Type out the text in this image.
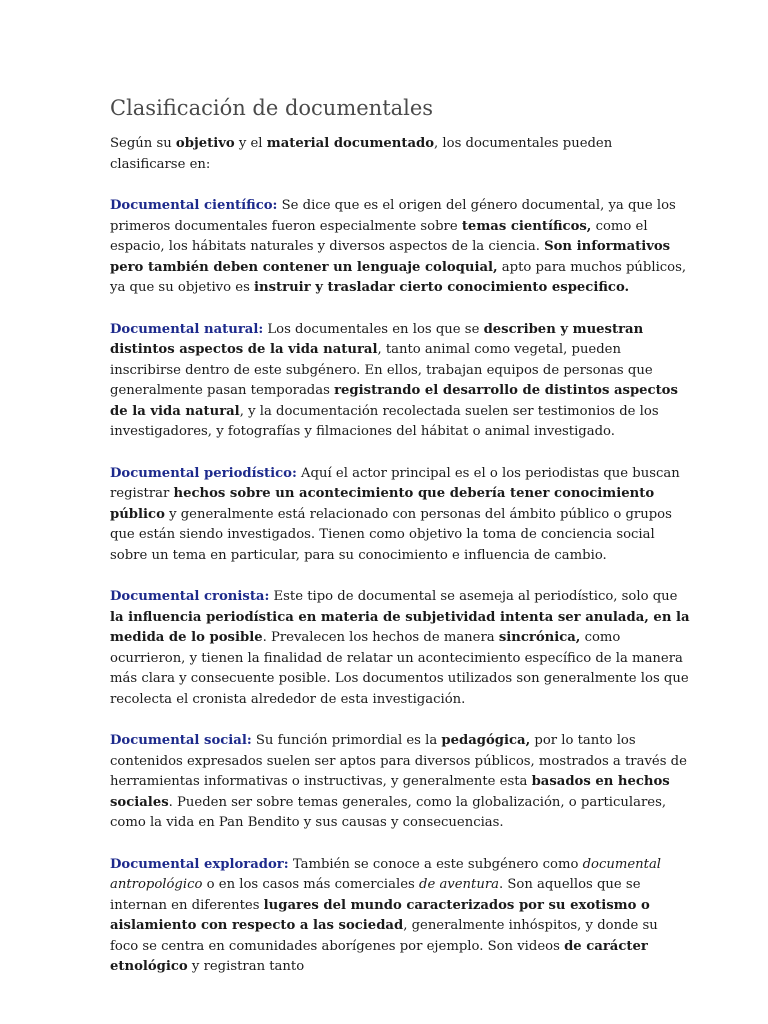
Clasificación de documentales

Según su objetivo y el material documentado, los documentales pueden clasificarse en:

Documental científico: Se dice que es el origen del género documental, ya que los primeros documentales fueron especialmente sobre temas científicos, como el espacio, los hábitats naturales y diversos aspectos de la ciencia. Son informativos pero también deben contener un lenguaje coloquial, apto para muchos públicos, ya que su objetivo es instruir y trasladar cierto conocimiento especifico.

Documental natural: Los documentales en los que se describen y muestran distintos aspectos de la vida natural, tanto animal como vegetal, pueden inscribirse dentro de este subgénero. En ellos, trabajan equipos de personas que generalmente pasan temporadas registrando el desarrollo de distintos aspectos de la vida natural, y la documentación recolectada suelen ser testimonios de los investigadores, y fotografías y filmaciones del hábitat o animal investigado.

Documental periodístico: Aquí el actor principal es el o los periodistas que buscan registrar hechos sobre un acontecimiento que debería tener conocimiento público y generalmente está relacionado con personas del ámbito público o grupos que están siendo investigados. Tienen como objetivo la toma de conciencia social sobre un tema en particular, para su conocimiento e influencia de cambio.

Documental cronista: Este tipo de documental se asemeja al periodístico, solo que la influencia periodística en materia de subjetividad intenta ser anulada, en la medida de lo posible. Prevalecen los hechos de manera sincrónica, como ocurrieron, y tienen la finalidad de relatar un acontecimiento específico de la manera más clara y consecuente posible. Los documentos utilizados son generalmente los que recolecta el cronista alrededor de esta investigación.

Documental social: Su función primordial es la pedagógica, por lo tanto los contenidos expresados suelen ser aptos para diversos públicos, mostrados a través de herramientas informativas o instructivas, y generalmente esta basados en hechos sociales. Pueden ser sobre temas generales, como la globalización, o particulares, como la vida en Pan Bendito y sus causas y consecuencias.

Documental explorador: También se conoce a este subgénero como documental antropológico o en los casos más comerciales de aventura. Son aquellos que se internan en diferentes lugares del mundo caracterizados por su exotismo o aislamiento con respecto a las sociedad, generalmente inhóspitos, y donde su foco se centra en comunidades aborígenes por ejemplo. Son videos de carácter etnológico y registran tanto
